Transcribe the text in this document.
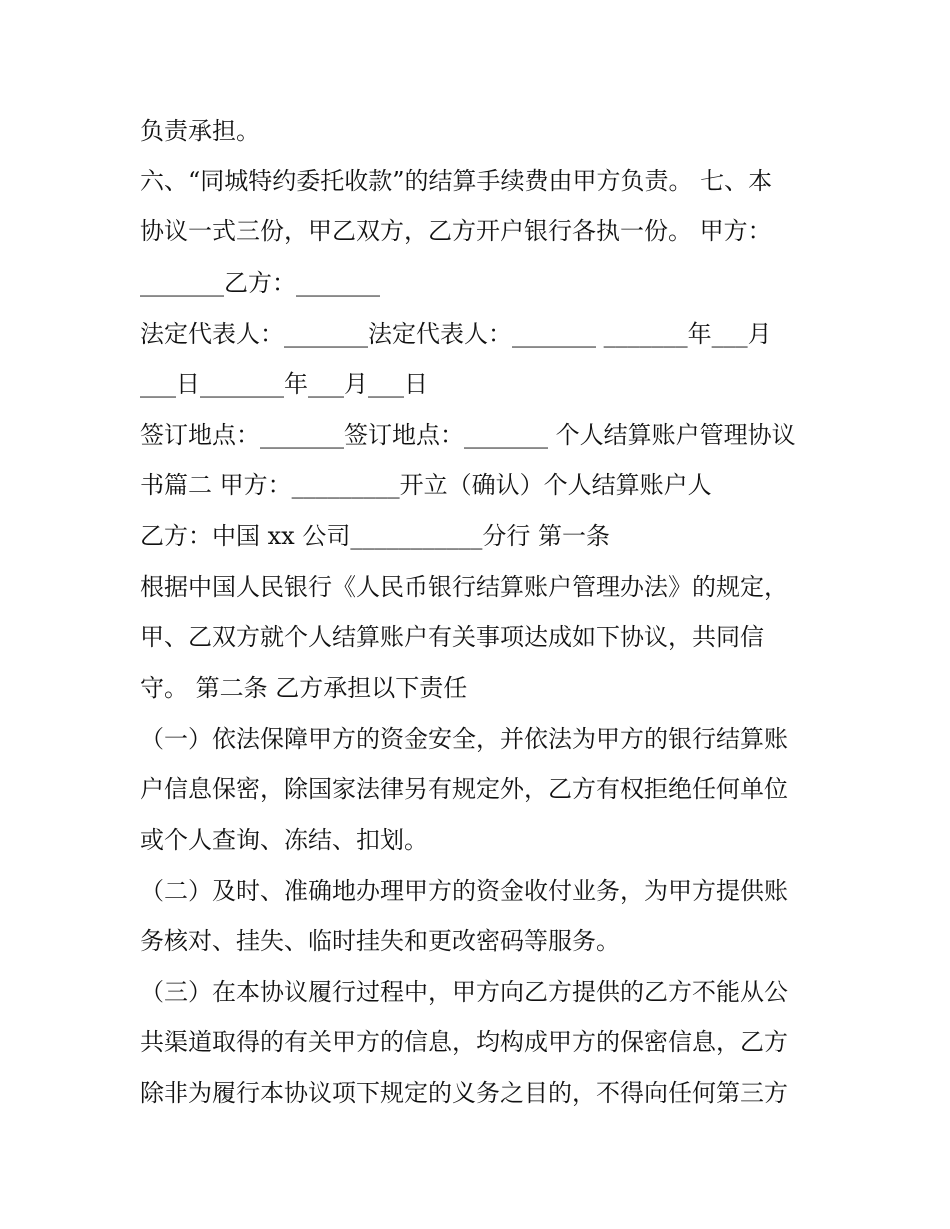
负责承担。
六、“同城特约委托收款”的结算手续费由甲方负责。 七、本
协议一式三份，甲乙双方，乙方开户银行各执一份。 甲方：
_______乙方：_______
法定代表人：_______法定代表人：_______ _______年___月
___日_______年___月___日
签订地点：_______签订地点：_______ 个人结算账户管理协议
书篇二 甲方：_________开立（确认）个人结算账户人
乙方：中国 xx 公司___________分行 第一条
根据中国人民银行《人民币银行结算账户管理办法》的规定，
甲、乙双方就个人结算账户有关事项达成如下协议，共同信
守。 第二条 乙方承担以下责任
（一）依法保障甲方的资金安全，并依法为甲方的银行结算账
户信息保密，除国家法律另有规定外，乙方有权拒绝任何单位
或个人查询、冻结、扣划。
（二）及时、准确地办理甲方的资金收付业务，为甲方提供账
务核对、挂失、临时挂失和更改密码等服务。
（三）在本协议履行过程中，甲方向乙方提供的乙方不能从公
共渠道取得的有关甲方的信息，均构成甲方的保密信息，乙方
除非为履行本协议项下规定的义务之目的，不得向任何第三方
